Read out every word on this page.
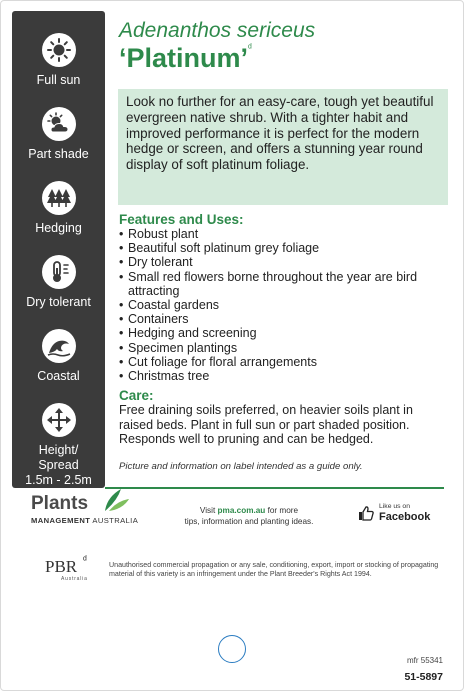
Full sun
Part shade
Hedging
Dry tolerant
Coastal
Height/ Spread
1.5m - 2.5m
Adenanthos sericeus
‘Platinum’$^ᵈ$
Look no further for an easy-care, tough yet beautiful evergreen native shrub. With a tighter habit and improved performance it is perfect for the modern hedge or screen, and offers a stunning year round display of soft platinum foliage.
Features and Uses:
• Robust plant
• Beautiful soft platinum grey foliage
• Dry tolerant
• Small red flowers borne throughout the year are bird attracting
• Coastal gardens
• Containers
• Hedging and screening
• Specimen plantings
• Cut foliage for floral arrangements
• Christmas tree
Care:
Free draining soils preferred, on heavier soils plant in raised beds. Plant in full sun or part shaded position. Responds well to pruning and can be hedged.
Picture and information on label intended as a guide only.
Plants
MANAGEMENT AUSTRALIA
Visit pma.com.au for more
tips, information and planting ideas.
Like us on
Facebook
PBR ᵈ
Australia
Unauthorised commercial propagation or any sale, conditioning, export, import or stocking of propagating material of this variety is an infringement under the Plant Breeder's Rights Act 1994.
mfr 55341
51-5897
